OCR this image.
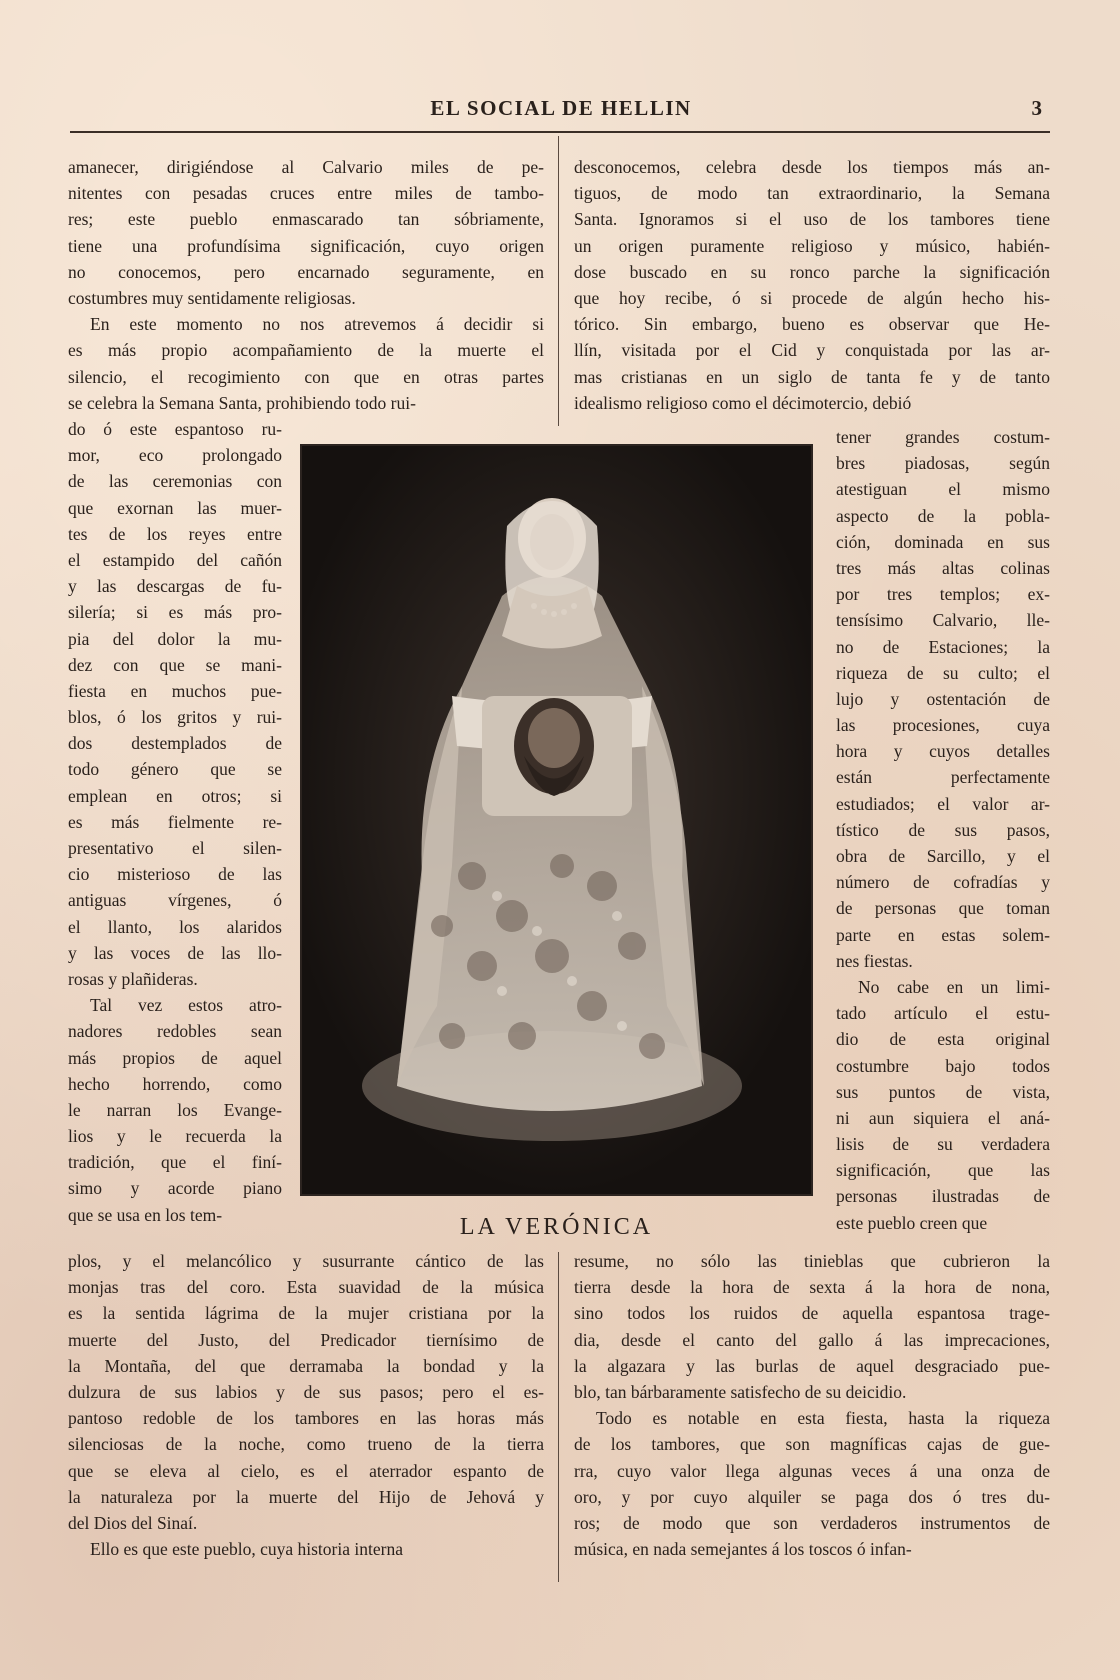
EL SOCIAL DE HELLIN	3
amanecer, dirigiéndose al Calvario miles de pe-
nitentes con pesadas cruces entre miles de tambo-
res; este pueblo enmascarado tan sóbriamente,
tiene una profundísima significación, cuyo origen
no conocemos, pero encarnado seguramente, en
costumbres muy sentidamente religiosas.
En este momento no nos atrevemos á decidir si
es más propio acompañamiento de la muerte el
silencio, el recogimiento con que en otras partes
se celebra la Semana Santa, prohibiendo todo rui-
do ó este espantoso ru-
mor, eco prolongado
de las ceremonias con
que exornan las muer-
tes de los reyes entre
el estampido del cañón
y las descargas de fu-
silería; si es más pro-
pia del dolor la mu-
dez con que se mani-
fiesta en muchos pue-
blos, ó los gritos y rui-
dos destemplados de
todo género que se
emplean en otros; si
es más fielmente re-
presentativo el silen-
cio misterioso de las
antiguas vírgenes, ó
el llanto, los alaridos
y las voces de las llo-
rosas y plañideras.
Tal vez estos atro-
nadores redobles sean
más propios de aquel
hecho horrendo, como
le narran los Evange-
lios y le recuerda la
tradición, que el finí-
simo y acorde piano
que se usa en los tem-
plos, y el melancólico y susurrante cántico de las
monjas tras del coro. Esta suavidad de la música
es la sentida lágrima de la mujer cristiana por la
muerte del Justo, del Predicador tiernísimo de
la Montaña, del que derramaba la bondad y la
dulzura de sus labios y de sus pasos; pero el es-
pantoso redoble de los tambores en las horas más
silenciosas de la noche, como trueno de la tierra
que se eleva al cielo, es el aterrador espanto de
la naturaleza por la muerte del Hijo de Jehová y
del Dios del Sinaí.
Ello es que este pueblo, cuya historia interna
desconocemos, celebra desde los tiempos más an-
tiguos, de modo tan extraordinario, la Semana
Santa. Ignoramos si el uso de los tambores tiene
un origen puramente religioso y músico, habién-
dose buscado en su ronco parche la significación
que hoy recibe, ó si procede de algún hecho his-
tórico. Sin embargo, bueno es observar que He-
llín, visitada por el Cid y conquistada por las ar-
mas cristianas en un siglo de tanta fe y de tanto
idealismo religioso como el décimotercio, debió
tener grandes costum-
bres piadosas, según
atestiguan el mismo
aspecto de la pobla-
ción, dominada en sus
tres más altas colinas
por tres templos; ex-
tensísimo Calvario, lle-
no de Estaciones; la
riqueza de su culto; el
lujo y ostentación de
las procesiones, cuya
hora y cuyos detalles
están perfectamente
estudiados; el valor ar-
tístico de sus pasos,
obra de Sarcillo, y el
número de cofradías y
de personas que toman
parte en estas solem-
nes fiestas.
No cabe en un limi-
tado artículo el estu-
dio de esta original
costumbre bajo todos
sus puntos de vista,
ni aun siquiera el aná-
lisis de su verdadera
significación, que las
personas ilustradas de
este pueblo creen que
resume, no sólo las tinieblas que cubrieron la
tierra desde la hora de sexta á la hora de nona,
sino todos los ruidos de aquella espantosa trage-
dia, desde el canto del gallo á las imprecaciones,
la algazara y las burlas de aquel desgraciado pue-
blo, tan bárbaramente satisfecho de su deicidio.
Todo es notable en esta fiesta, hasta la riqueza
de los tambores, que son magníficas cajas de gue-
rra, cuyo valor llega algunas veces á una onza de
oro, y por cuyo alquiler se paga dos ó tres du-
ros; de modo que son verdaderos instrumentos de
música, en nada semejantes á los toscos ó infan-
LA VERÓNICA
